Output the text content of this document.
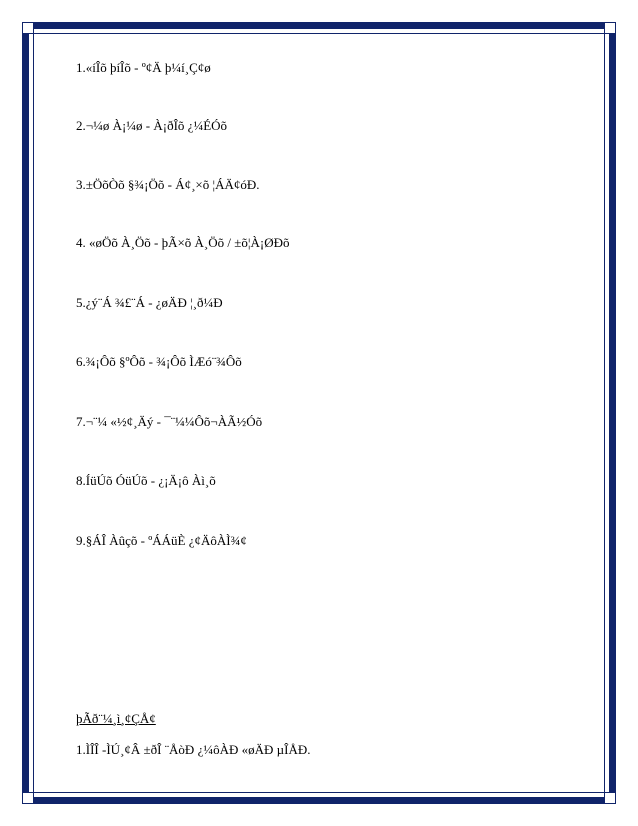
1.«íÎõ þíÎõ - º¢Ä þ¼í¸Ç¢ø
2.¬¼ø À¡¼ø - À¡ðÎõ ¿¼ÉÓõ
3.±ÖõÒõ §¾¡Öõ - Á¢¸×õ ¦ÁÄ¢óÐ.
4. «øÖõ À¸Öõ - þÃ×õ À¸Öõ / ±õ¦À¡ØÐõ
5.¿ý¨Á ¾£¨Á - ¿øÄÐ ¦¸ð¼Ð
6.¾¡Ôõ §ºÔõ - ¾¡Ôõ ÌÆó¨¾Ôõ
7.¬¨¼ «½¢¸Äý - ¯¨¼¼Ôõ¬ÀÃ½Óõ
8.ÍüÚõ ÓüÚõ - ¿¡Ä¡ô Àì¸õ
9.§ÁÎ Àûçõ - ºÁÁüÈ ¿¢ÄôÀÌ¾¢
þÃð¨¼¸ì¸¢ÇÅ¢
1.ÌÎÎ -ÌÚ¸¢Â ±ðÎ ¨ÅòÐ ¿¼ôÀÐ «øÄÐ µÎÅÐ.
